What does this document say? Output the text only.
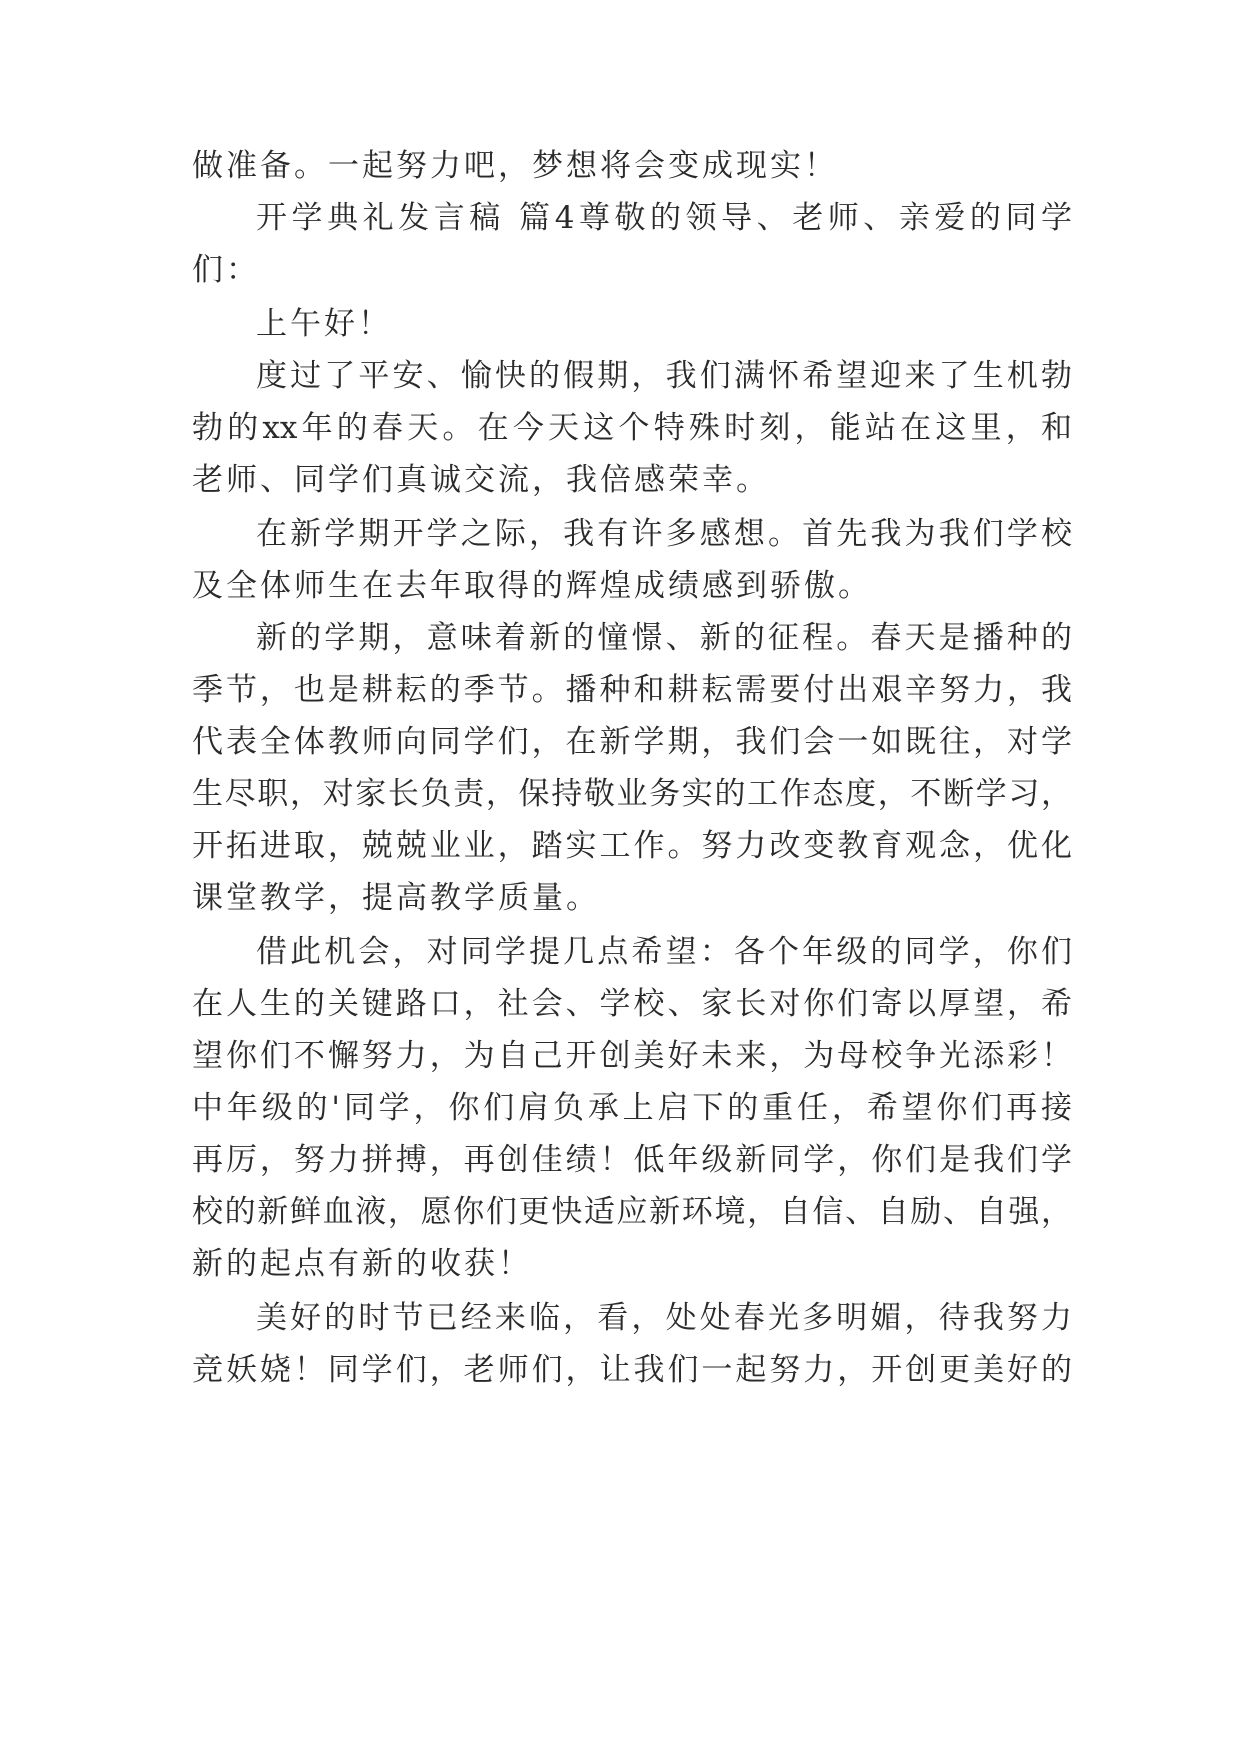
做准备。一起努力吧，梦想将会变成现实！
开学典礼发言稿 篇4尊敬的领导、老师、亲爱的同学
们：
上午好！
度过了平安、愉快的假期，我们满怀希望迎来了生机勃
勃的xx年的春天。在今天这个特殊时刻，能站在这里，和
老师、同学们真诚交流，我倍感荣幸。
在新学期开学之际，我有许多感想。首先我为我们学校
及全体师生在去年取得的辉煌成绩感到骄傲。
新的学期，意味着新的憧憬、新的征程。春天是播种的
季节，也是耕耘的季节。播种和耕耘需要付出艰辛努力，我
代表全体教师向同学们，在新学期，我们会一如既往，对学
生尽职，对家长负责，保持敬业务实的工作态度，不断学习，
开拓进取，兢兢业业，踏实工作。努力改变教育观念，优化
课堂教学，提高教学质量。
借此机会，对同学提几点希望：各个年级的同学，你们
在人生的关键路口，社会、学校、家长对你们寄以厚望，希
望你们不懈努力，为自己开创美好未来，为母校争光添彩！
中年级的'同学，你们肩负承上启下的重任，希望你们再接
再厉，努力拼搏，再创佳绩！低年级新同学，你们是我们学
校的新鲜血液，愿你们更快适应新环境，自信、自励、自强，
新的起点有新的收获！
美好的时节已经来临，看，处处春光多明媚，待我努力
竞妖娆！同学们，老师们，让我们一起努力，开创更美好的
